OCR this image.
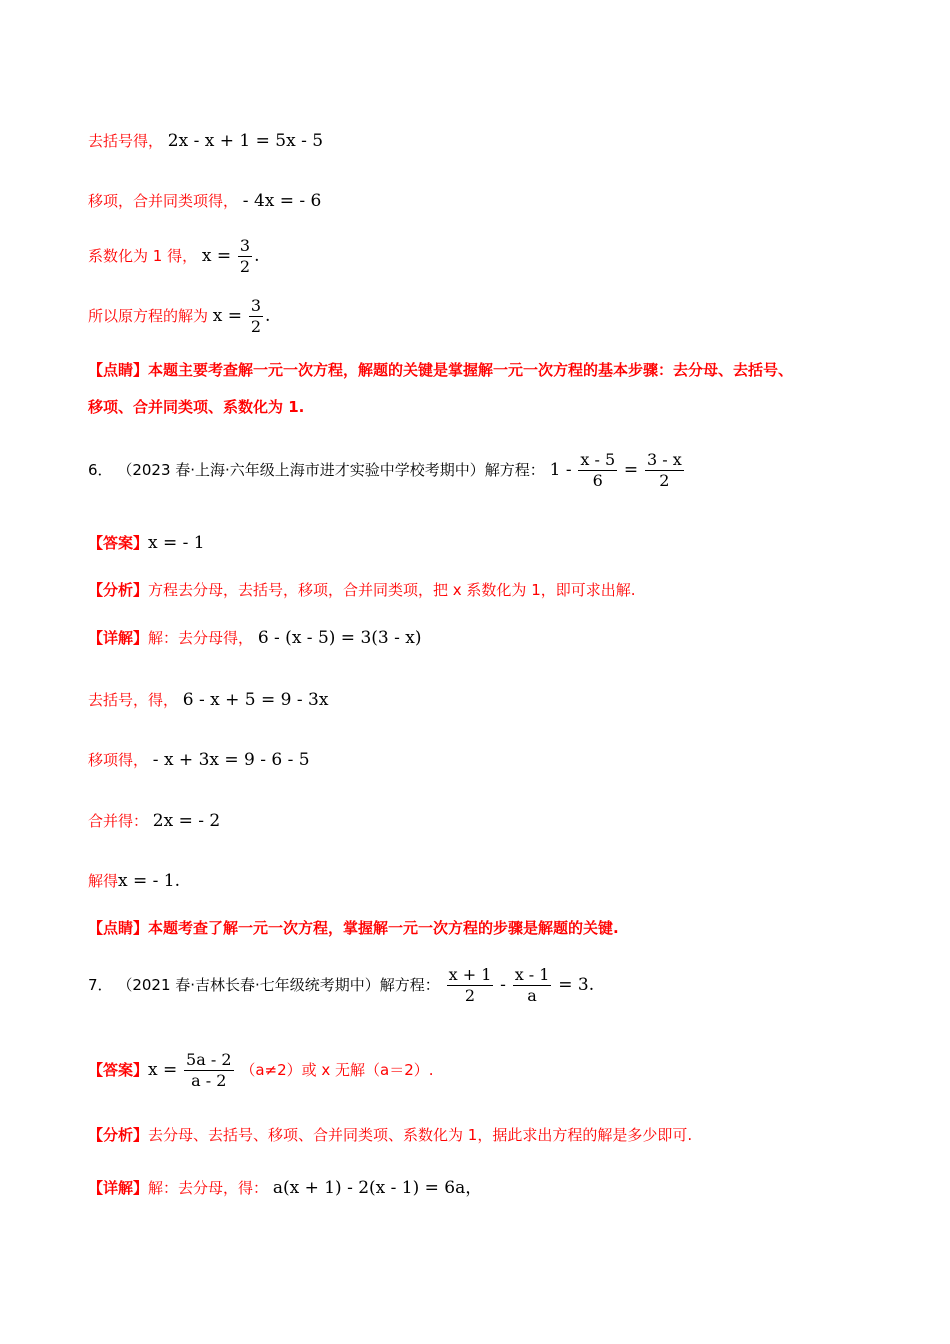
去括号得， 2x - x + 1 = 5x - 5
移项，合并同类项得， - 4x = - 6
系数化为 1 得， $x = \frac{3}{2}$ .
所以原方程的解为 $x = \frac{3}{2}$ .
【点睛】本题主要考查解一元一次方程，解题的关键是掌握解一元一次方程的基本步骤：去分母、去括号、
移项、合并同类项、系数化为 1.
6． （2023 春·上海·六年级上海市进才实验中学校考期中）解方程： $1 - \frac{x - 5}{6} = \frac{3 - x}{2}$
【答案】x = - 1
【分析】方程去分母，去括号，移项，合并同类项，把 x 系数化为 1，即可求出解.
【详解】解：去分母得， 6 - (x - 5) = 3(3 - x)
去括号，得， 6 - x + 5 = 9 - 3x
移项得， - x + 3x = 9 - 6 - 5
合并得： 2x = - 2
解得x = - 1.
【点睛】本题考查了解一元一次方程，掌握解一元一次方程的步骤是解题的关键.
7． （2021 春·吉林长春·七年级统考期中）解方程： $\frac{x + 1}{2} - \frac{x - 1}{a} = 3$.
【答案】$x = \frac{5a - 2}{a - 2} (a\ne 2)$或 x 无解（a＝2）.
【分析】去分母、去括号、移项、合并同类项、系数化为 1，据此求出方程的解是多少即可.
【详解】解：去分母，得： a(x + 1) - 2(x - 1) = 6a，
